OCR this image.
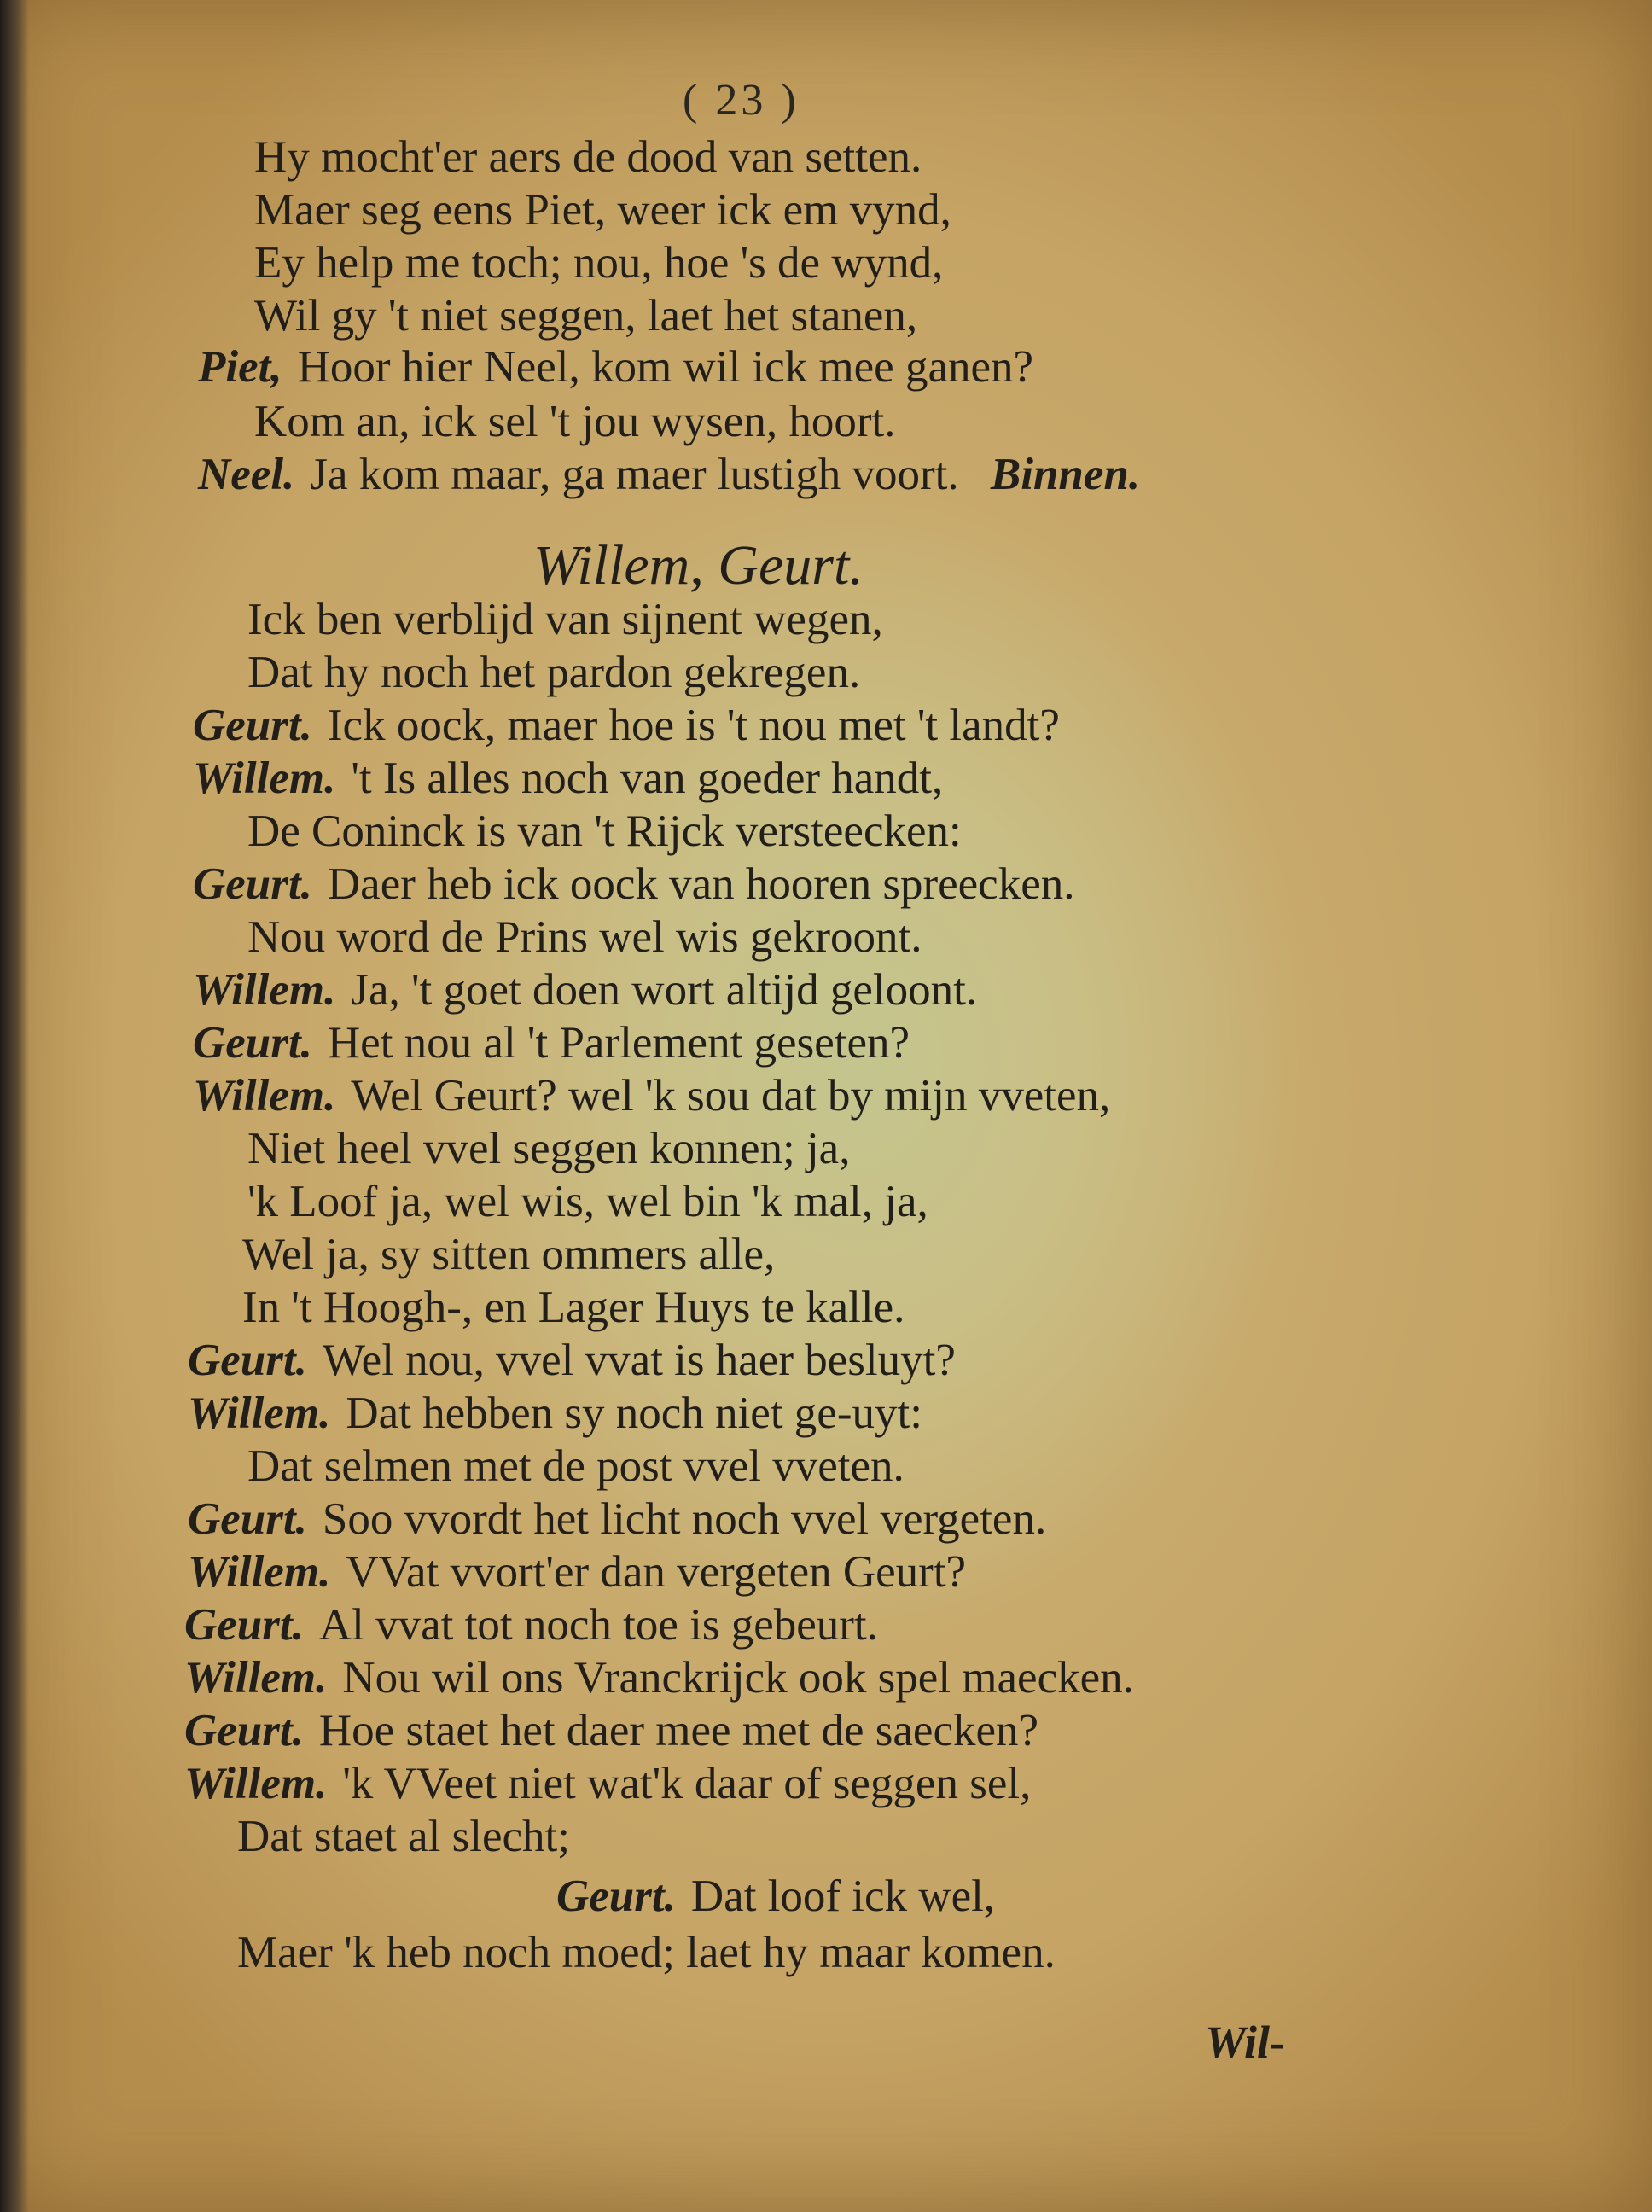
( 23 )
Hy mocht'er aers de dood van setten.
Maer seg eens Piet, weer ick em vynd,
Ey help me toch; nou, hoe 's de wynd,
Wil gy 't niet seggen, laet het stanen,
Piet, Hoor hier Neel, kom wil ick mee ganen?
Kom an, ick sel 't jou wysen, hoort.
Neel. Ja kom maar, ga maer lustigh voort. Binnen.
Willem, Geurt.
Ick ben verblijd van sijnent wegen,
Dat hy noch het pardon gekregen.
Geurt. Ick oock, maer hoe is 't nou met 't landt?
Willem. 't Is alles noch van goeder handt,
De Coninck is van 't Rijck versteecken:
Geurt. Daer heb ick oock van hooren spreecken.
Nou word de Prins wel wis gekroont.
Willem. Ja, 't goet doen wort altijd geloont.
Geurt. Het nou al 't Parlement geseten?
Willem. Wel Geurt? wel 'k sou dat by mijn vveten,
Niet heel vvel seggen konnen; ja,
'k Loof ja, wel wis, wel bin 'k mal, ja,
Wel ja, sy sitten ommers alle,
In 't Hoogh-, en Lager Huys te kalle.
Geurt. Wel nou, vvel vvat is haer besluyt?
Willem. Dat hebben sy noch niet ge-uyt:
Dat selmen met de post vvel vveten.
Geurt. Soo vvordt het licht noch vvel vergeten.
Willem. VVat vvort'er dan vergeten Geurt?
Geurt. Al vvat tot noch toe is gebeurt.
Willem. Nou wil ons Vranckrijck ook spel maecken.
Geurt. Hoe staet het daer mee met de saecken?
Willem. 'k VVeet niet wat'k daar of seggen sel,
Dat staet al slecht;
Geurt. Dat loof ick wel,
Maer 'k heb noch moed; laet hy maar komen.
Wil-
